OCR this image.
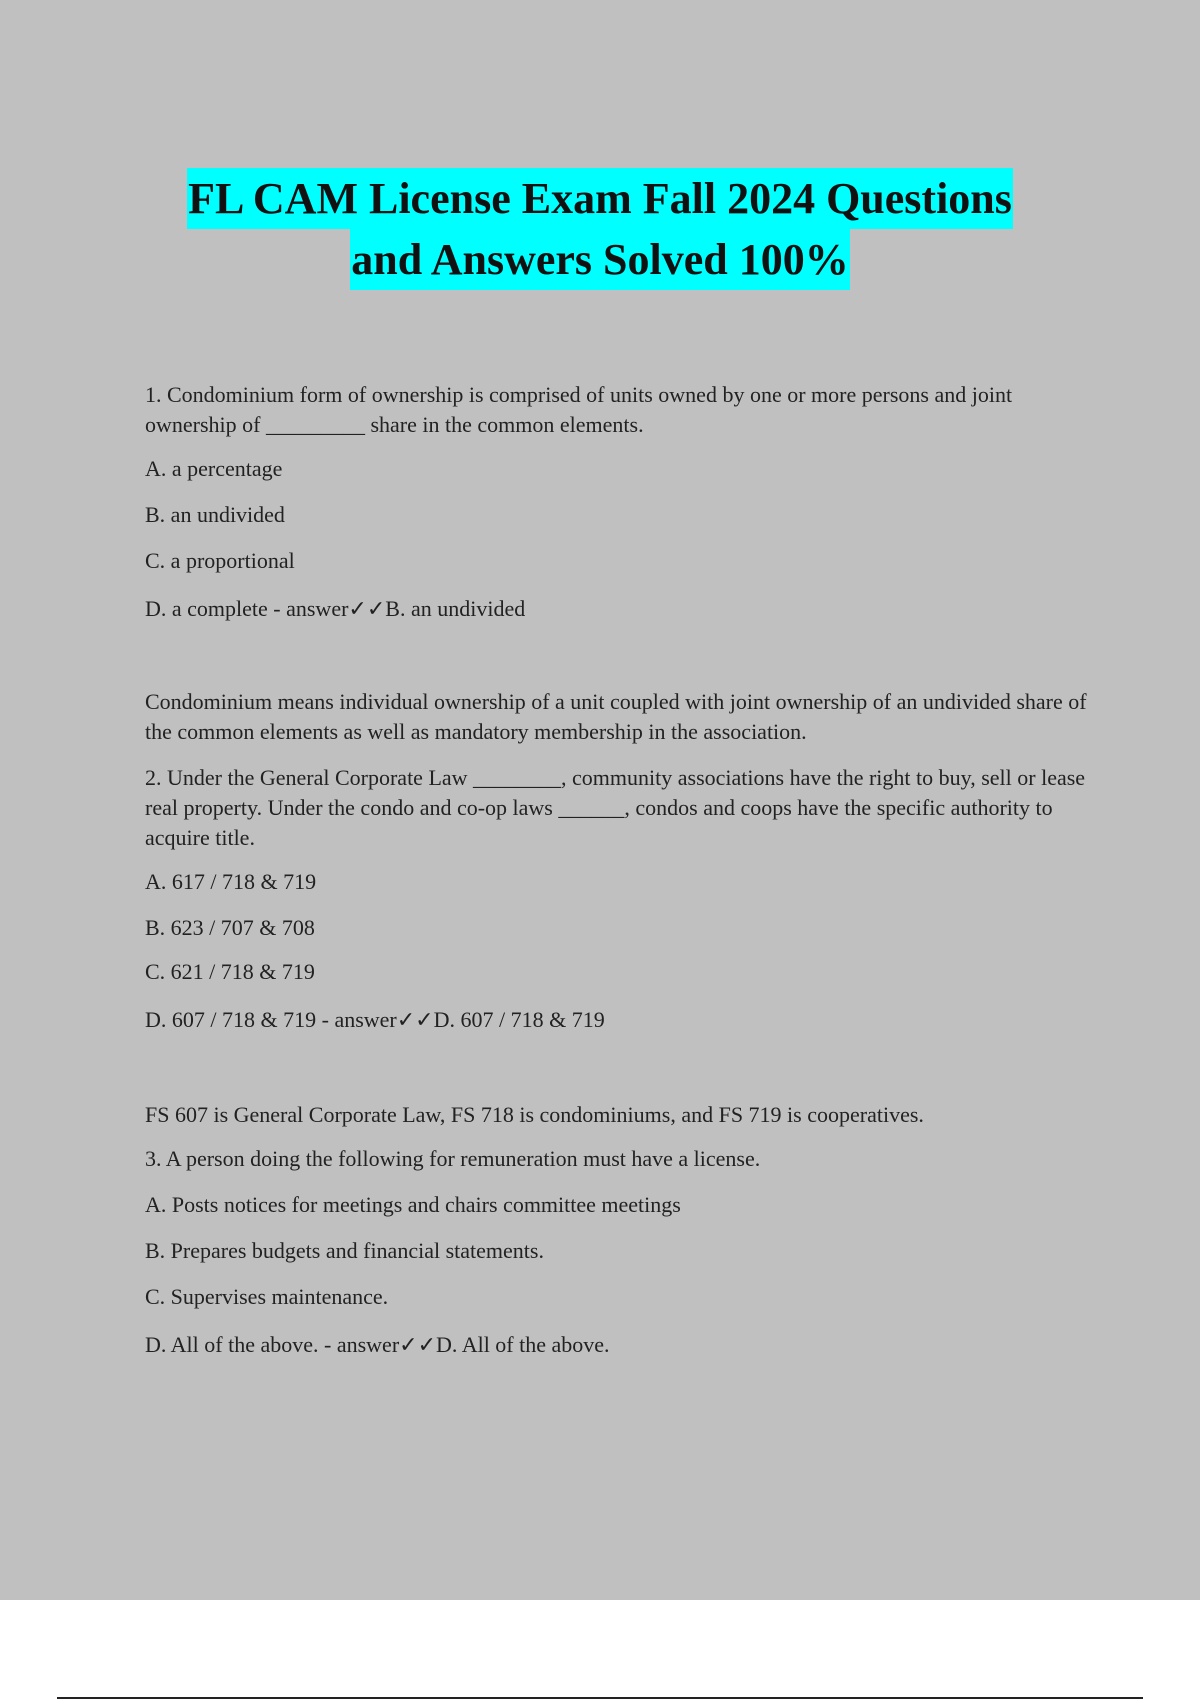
FL CAM License Exam Fall 2024 Questions
and Answers Solved 100%

1. Condominium form of ownership is comprised of units owned by one or more persons and joint ownership of _________ share in the common elements.

A. a percentage

B. an undivided

C. a proportional

D. a complete - answer✓✓B. an undivided

Condominium means individual ownership of a unit coupled with joint ownership of an undivided share of the common elements as well as mandatory membership in the association.

2. Under the General Corporate Law ________, community associations have the right to buy, sell or lease real property. Under the condo and co-op laws ______, condos and coops have the specific authority to acquire title.

A. 617 / 718 & 719

B. 623 / 707 & 708

C. 621 / 718 & 719

D. 607 / 718 & 719 - answer✓✓D. 607 / 718 & 719

FS 607 is General Corporate Law, FS 718 is condominiums, and FS 719 is cooperatives.

3. A person doing the following for remuneration must have a license.

A. Posts notices for meetings and chairs committee meetings

B. Prepares budgets and financial statements.

C. Supervises maintenance.

D. All of the above. - answer✓✓D. All of the above.
